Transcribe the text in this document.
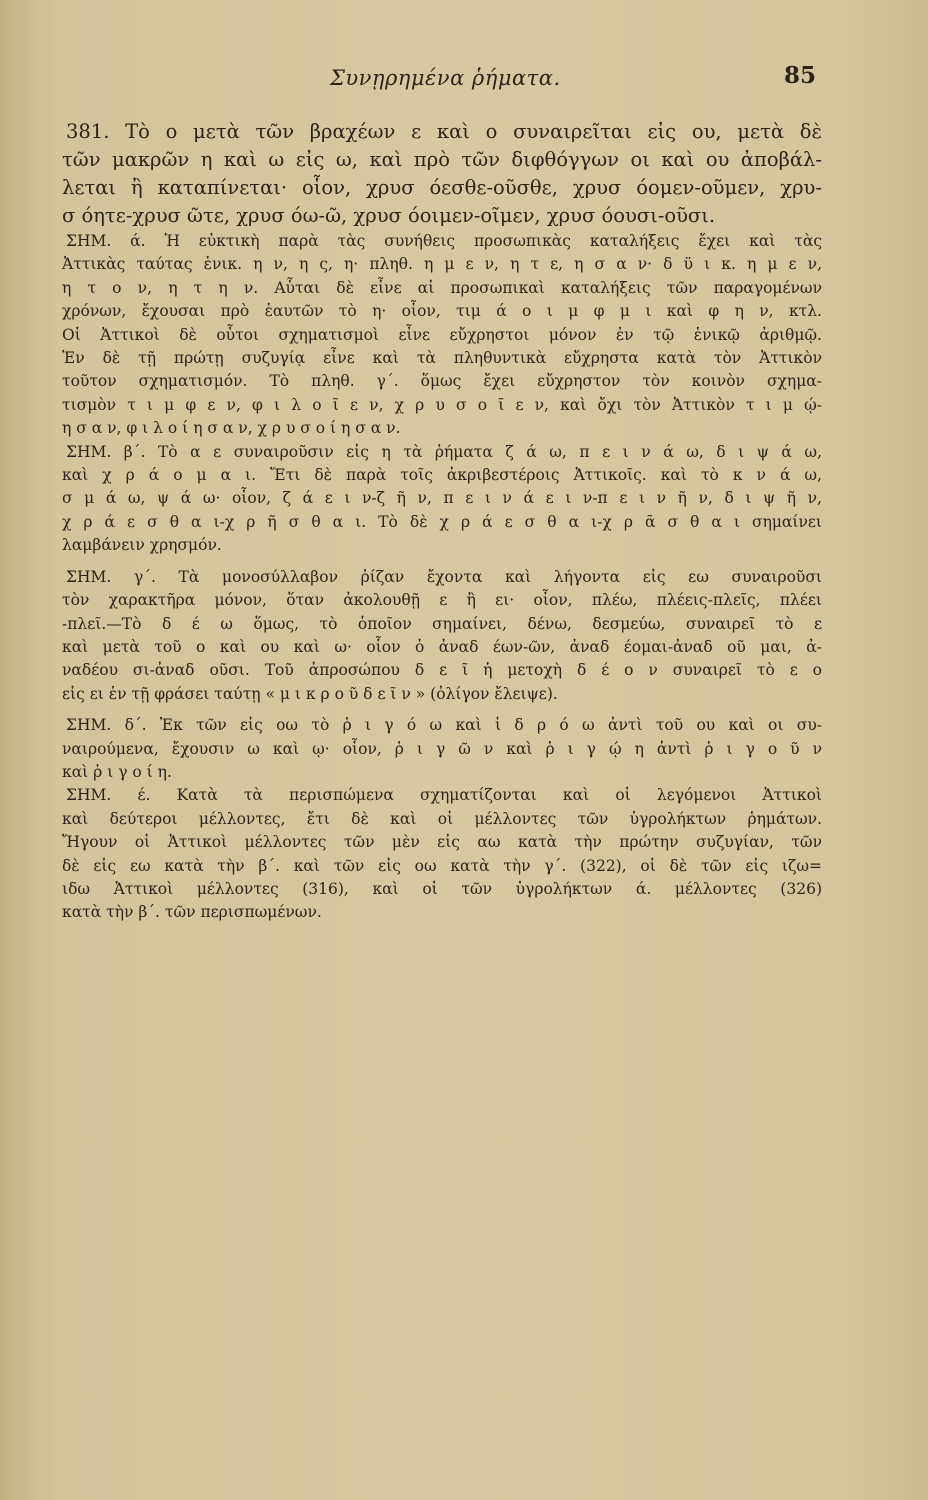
Συνῃρημένα ῥήματα.	85
381. Τὸ ο μετὰ τῶν βραχέων ε καὶ ο συναιρεῖται εἰς ου, μετὰ δὲ
τῶν μακρῶν η καὶ ω εἰς ω, καὶ πρὸ τῶν διφθόγγων οι καὶ ου ἀποβάλ-
λεται ἢ καταπίνεται· οἷον, χρυσ όεσθε-οῦσθε, χρυσ όομεν-οῦμεν, χρυ-
σ όητε-χρυσ ῶτε, χρυσ όω-ῶ, χρυσ όοιμεν-οῖμεν, χρυσ όουσι-οῦσι.
ΣΗΜ. ά. Ἡ εὐκτικὴ παρὰ τὰς συνήθεις προσωπικὰς καταλήξεις ἔχει καὶ τὰς
Ἀττικὰς ταύτας ἑνικ. η ν, η ς, η· πληθ. η μ ε ν, η τ ε, η σ α ν· δ ϋ ι κ. η μ ε ν,
η τ ο ν, η τ η ν. Αὗται δὲ εἶνε αἱ προσωπικαὶ καταλήξεις τῶν παραγομένων
χρόνων, ἔχουσαι πρὸ ἑαυτῶν τὸ η· οἷον, τιμ ά ο ι μ φ μ ι καὶ φ η ν, κτλ.
Οἱ Ἀττικοὶ δὲ οὗτοι σχηματισμοὶ εἶνε εὔχρηστοι μόνον ἐν τῷ ἑνικῷ ἀριθμῷ.
Ἐν δὲ τῇ πρώτῃ συζυγίᾳ εἶνε καὶ τὰ πληθυντικὰ εὔχρηστα κατὰ τὸν Ἀττικὸν
τοῦτον σχηματισμόν. Τὸ πληθ. γ΄. ὅμως ἔχει εὔχρηστον τὸν κοινὸν σχημα-
τισμὸν τ ι μ φ ε ν, φ ι λ ο ῖ ε ν, χ ρ υ σ ο ῖ ε ν, καὶ ὄχι τὸν Ἀττικὸν τ ι μ ῴ-
η σ α ν, φ ι λ ο ί η σ α ν, χ ρ υ σ ο ί η σ α ν.
ΣΗΜ. β΄. Τὸ α ε συναιροῦσιν εἰς η τὰ ῥήματα ζ ά ω, π ε ι ν ά ω, δ ι ψ ά ω,
καὶ χ ρ ά ο μ α ι. Ἔτι δὲ παρὰ τοῖς ἀκριβεστέροις Ἀττικοῖς. καὶ τὸ κ ν ά ω,
σ μ ά ω, ψ ά ω· οἷον, ζ ά ε ι ν-ζ ῆ ν, π ε ι ν ά ε ι ν-π ε ι ν ῆ ν, δ ι ψ ῆ ν,
χ ρ ά ε σ θ α ι-χ ρ ῆ σ θ α ι. Τὸ δὲ χ ρ ά ε σ θ α ι-χ ρ ᾶ σ θ α ι σημαίνει
λαμβάνειν χρησμόν.
ΣΗΜ. γ΄. Τὰ μονοσύλλαβον ῥίζαν ἔχοντα καὶ λήγοντα εἰς εω συναιροῦσι
τὸν χαρακτῆρα μόνον, ὅταν ἀκολουθῇ ε ἢ ει· οἷον, πλέω, πλέεις-πλεῖς, πλέει
-πλεῖ.—Τὸ δ έ ω ὅμως, τὸ ὁποῖον σημαίνει, δένω, δεσμεύω, συναιρεῖ τὸ ε
καὶ μετὰ τοῦ ο καὶ ου καὶ ω· οἷον ὁ ἀναδ έων-ῶν, ἀναδ έομαι-ἀναδ οῦ μαι, ἀ-
ναδέου σι-ἀναδ οῦσι. Τοῦ ἀπροσώπου δ ε ῖ ἡ μετοχὴ δ έ ο ν συναιρεῖ τὸ ε ο
εἰς ει ἐν τῇ φράσει ταύτῃ « μ ι κ ρ ο ῦ δ ε ῖ ν » (ὀλίγον ἔλειψε).
ΣΗΜ. δ΄. Ἐκ τῶν εἰς οω τὸ ῥ ι γ ό ω καὶ ἱ δ ρ ό ω ἀντὶ τοῦ ου καὶ οι συ-
ναιρούμενα, ἔχουσιν ω καὶ ῳ· οἷον, ῥ ι γ ῶ ν καὶ ῥ ι γ ῴ η ἀντὶ ῥ ι γ ο ῦ ν
καὶ ῥ ι γ ο ί η.
ΣΗΜ. έ. Κατὰ τὰ περισπώμενα σχηματίζονται καὶ οἱ λεγόμενοι Ἀττικοὶ
καὶ δεύτεροι μέλλοντες, ἔτι δὲ καὶ οἱ μέλλοντες τῶν ὑγρολήκτων ῥημάτων.
Ἤγουν οἱ Ἀττικοὶ μέλλοντες τῶν μὲν εἰς αω κατὰ τὴν πρώτην συζυγίαν, τῶν
δὲ εἰς εω κατὰ τὴν β΄. καὶ τῶν εἰς οω κατὰ τὴν γ΄. (322), οἱ δὲ τῶν εἰς ιζω=
ιδω Ἀττικοὶ μέλλοντες (316), καὶ οἱ τῶν ὑγρολήκτων ά. μέλλοντες (326)
κατὰ τὴν β΄. τῶν περισπωμένων.
